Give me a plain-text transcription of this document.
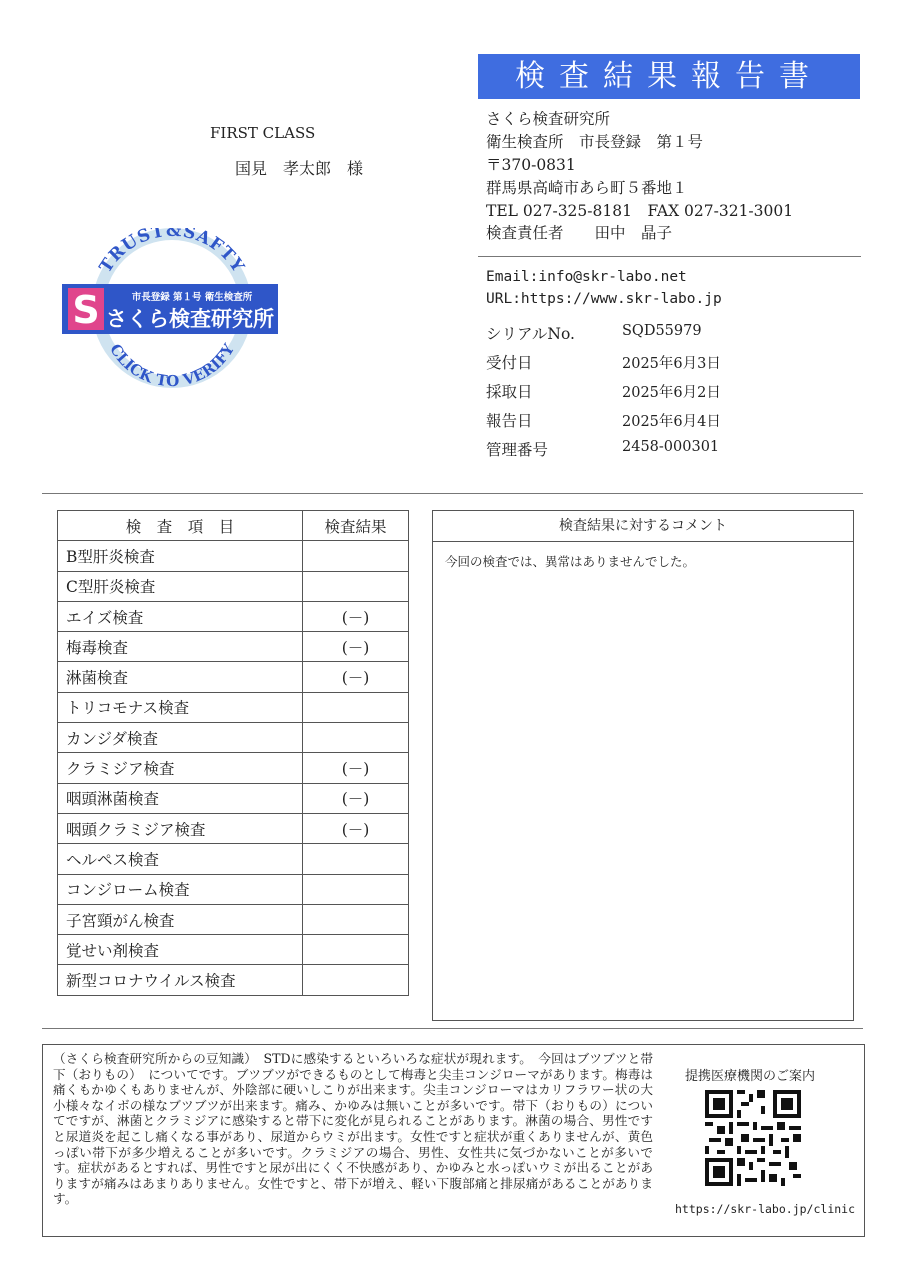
検査結果報告書
FIRST CLASS
国見　孝太郎　様
さくら検査研究所
衛生検査所　市長登録　第１号
〒370-0831
群馬県高崎市あら町５番地１
TEL 027-325-8181　FAX 027-321-3001
検査責任者　　田中　晶子
Email:info@skr-labo.net
URL:https://www.skr-labo.jp
シリアルNo.	SQD55979
受付日	2025年6月3日
採取日	2025年6月2日
報告日	2025年6月4日
管理番号	2458-000301
TRUST&SAFTY
CLICK TO VERIFY
S	市長登録 第１号 衛生検査所
さくら検査研究所
検　査　項　目	検査結果
B型肝炎検査	
C型肝炎検査	
エイズ検査	(－)
梅毒検査	(－)
淋菌検査	(－)
トリコモナス検査	
カンジダ検査	
クラミジア検査	(－)
咽頭淋菌検査	(－)
咽頭クラミジア検査	(－)
ヘルペス検査	
コンジローム検査	
子宮頸がん検査	
覚せい剤検査	
新型コロナウイルス検査	
検査結果に対するコメント
今回の検査では、異常はありませんでした。
（さくら検査研究所からの豆知識）　STDに感染するといろいろな症状が現れます。　今回はブツブツと帯下（おりもの）　についてです。ブツブツができるものとして梅毒と尖圭コンジローマがあります。梅毒は痛くもかゆくもありませんが、外陰部に硬いしこりが出来ます。尖圭コンジローマはカリフラワー状の大小様々なイボの様なブツブツが出来ます。痛み、かゆみは無いことが多いです。帯下（おりもの）についてですが、淋菌とクラミジアに感染すると帯下に変化が見られることがあります。淋菌の場合、男性ですと尿道炎を起こし痛くなる事があり、尿道からウミが出ます。女性ですと症状が重くありませんが、黄色っぽい帯下が多少増えることが多いです。クラミジアの場合、男性、女性共に気づかないことが多いです。症状があるとすれば、男性ですと尿が出にくく不快感があり、かゆみと水っぽいウミが出ることがありますが痛みはあまりありません。女性ですと、帯下が増え、軽い下腹部痛と排尿痛があることがあります。
提携医療機関のご案内
https://skr-labo.jp/clinic
